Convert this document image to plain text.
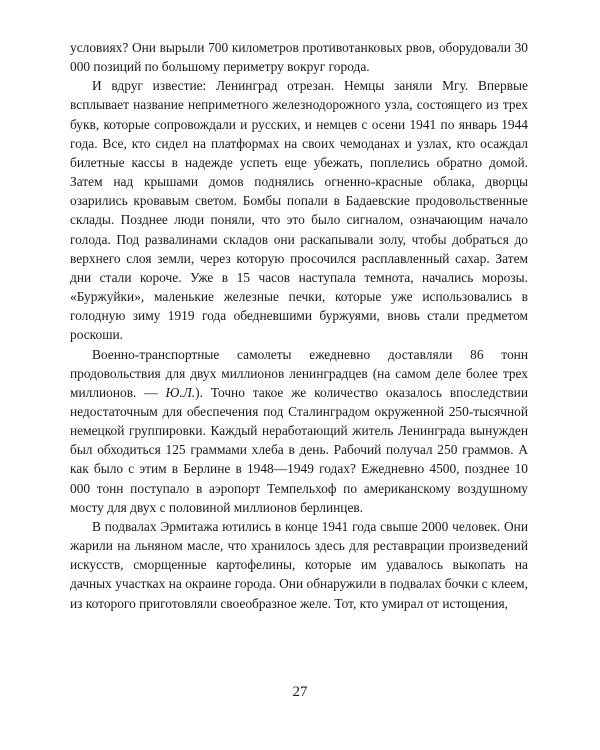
условиях? Они вырыли 700 километров противотанковых рвов, оборудовали 30 000 позиций по большому периметру вокруг города.

И вдруг известие: Ленинград отрезан. Немцы заняли Мгу. Впервые всплывает название неприметного железнодорожного узла, состоящего из трех букв, которые сопровождали и русских, и немцев с осени 1941 по январь 1944 года. Все, кто сидел на платформах на своих чемоданах и узлах, кто осаждал билетные кассы в надежде успеть еще убежать, поплелись обратно домой. Затем над крышами домов поднялись огненно-красные облака, дворцы озарились кровавым светом. Бомбы попали в Бадаевские продовольственные склады. Позднее люди поняли, что это было сигналом, означающим начало голода. Под развалинами складов они раскапывали золу, чтобы добраться до верхнего слоя земли, через которую просочился расплавленный сахар. Затем дни стали короче. Уже в 15 часов наступала темнота, начались морозы. «Буржуйки», маленькие железные печки, которые уже использовались в голодную зиму 1919 года обедневшими буржуями, вновь стали предметом роскоши.

Военно-транспортные самолеты ежедневно доставляли 86 тонн продовольствия для двух миллионов ленинградцев (на самом деле более трех миллионов. — Ю.Л.). Точно такое же количество оказалось впоследствии недостаточным для обеспечения под Сталинградом окруженной 250-тысячной немецкой группировки. Каждый неработающий житель Ленинграда вынужден был обходиться 125 граммами хлеба в день. Рабочий получал 250 граммов. А как было с этим в Берлине в 1948—1949 годах? Ежедневно 4500, позднее 10 000 тонн поступало в аэропорт Темпельхоф по американскому воздушному мосту для двух с половиной миллионов берлинцев.

В подвалах Эрмитажа ютились в конце 1941 года свыше 2000 человек. Они жарили на льняном масле, что хранилось здесь для реставрации произведений искусств, сморщенные картофелины, которые им удавалось выкопать на дачных участках на окраине города. Они обнаружили в подвалах бочки с клеем, из которого приготовляли своеобразное желе. Тот, кто умирал от истощения,

27
